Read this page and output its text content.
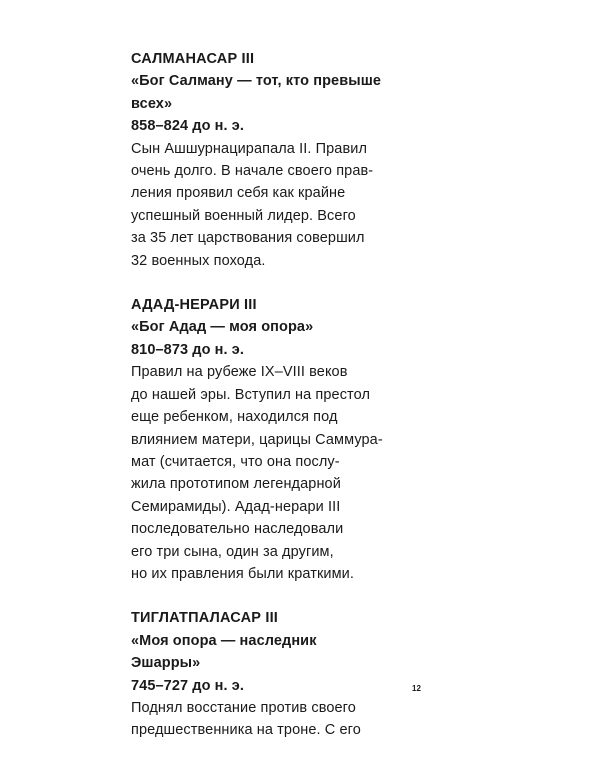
САЛМАНАСАР III
«Бог Салману — тот, кто превыше
всех»
858–824 до н. э.
Сын Ашшурнацирапала II. Правил
очень долго. В начале своего прав-
ления проявил себя как крайне
успешный военный лидер. Всего
за 35 лет царствования совершил
32 военных похода.
АДАД-НЕРАРИ III
«Бог Адад — моя опора»
810–873 до н. э.
Правил на рубеже IX–VIII веков
до нашей эры. Вступил на престол
еще ребенком, находился под
влиянием матери, царицы Саммура-
мат (считается, что она послу-
жила прототипом легендарной
Семирамиды). Адад-нерари III
последовательно наследовали
его три сына, один за другим,
но их правления были краткими.
ТИГЛАТПАЛАСАР III
«Моя опора — наследник
Эшарры»
745–727 до н. э.
Поднял восстание против своего
предшественника на троне. С его
12
